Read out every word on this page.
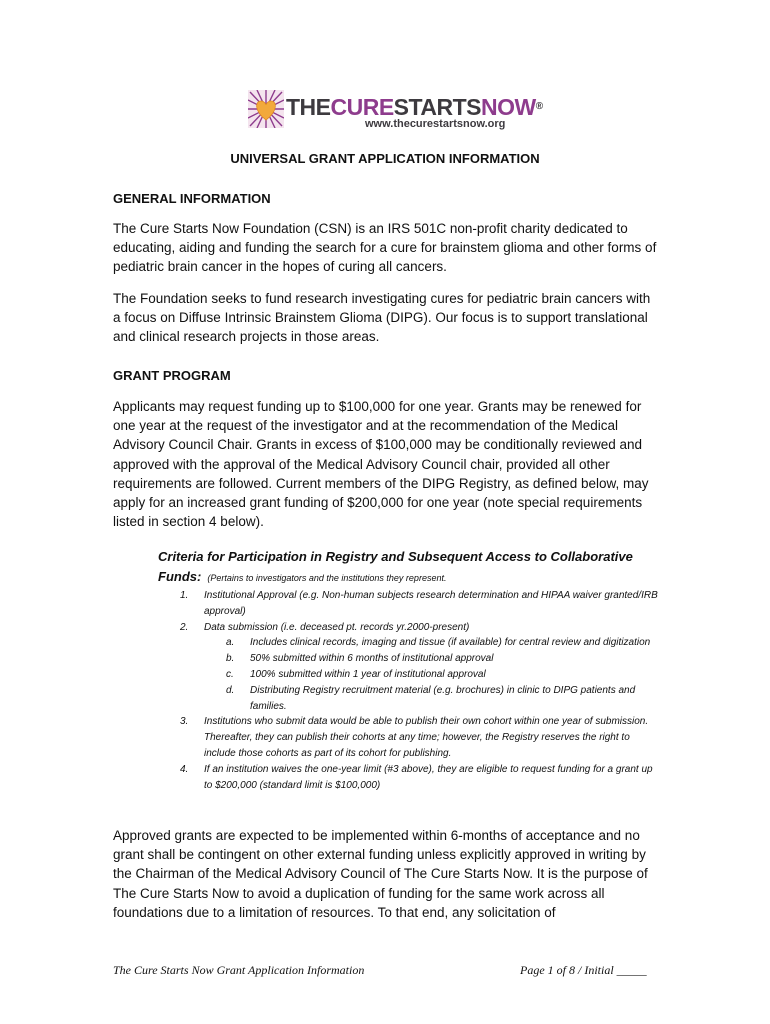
THECURESTARTSNOW®
www.thecurestartsnow.org
UNIVERSAL GRANT APPLICATION INFORMATION
GENERAL INFORMATION
The Cure Starts Now Foundation (CSN) is an IRS 501C non-profit charity dedicated to educating, aiding and funding the search for a cure for brainstem glioma and other forms of pediatric brain cancer in the hopes of curing all cancers.
The Foundation seeks to fund research investigating cures for pediatric brain cancers with a focus on Diffuse Intrinsic Brainstem Glioma (DIPG). Our focus is to support translational and clinical research projects in those areas.
GRANT PROGRAM
Applicants may request funding up to $100,000 for one year. Grants may be renewed for one year at the request of the investigator and at the recommendation of the Medical Advisory Council Chair. Grants in excess of $100,000 may be conditionally reviewed and approved with the approval of the Medical Advisory Council chair, provided all other requirements are followed. Current members of the DIPG Registry, as defined below, may apply for an increased grant funding of $200,000 for one year (note special requirements listed in section 4 below).
Criteria for Participation in Registry and Subsequent Access to Collaborative Funds: (Pertains to investigators and the institutions they represent.
1. Institutional Approval (e.g. Non-human subjects research determination and HIPAA waiver granted/IRB approval)
2. Data submission (i.e. deceased pt. records yr.2000-present)
a. Includes clinical records, imaging and tissue (if available) for central review and digitization
b. 50% submitted within 6 months of institutional approval
c. 100% submitted within 1 year of institutional approval
d. Distributing Registry recruitment material (e.g. brochures) in clinic to DIPG patients and families.
3. Institutions who submit data would be able to publish their own cohort within one year of submission. Thereafter, they can publish their cohorts at any time; however, the Registry reserves the right to include those cohorts as part of its cohort for publishing.
4. If an institution waives the one-year limit (#3 above), they are eligible to request funding for a grant up to $200,000 (standard limit is $100,000)
Approved grants are expected to be implemented within 6-months of acceptance and no grant shall be contingent on other external funding unless explicitly approved in writing by the Chairman of the Medical Advisory Council of The Cure Starts Now. It is the purpose of The Cure Starts Now to avoid a duplication of funding for the same work across all foundations due to a limitation of resources. To that end, any solicitation of
The Cure Starts Now Grant Application Information	Page 1 of 8 / Initial _____
